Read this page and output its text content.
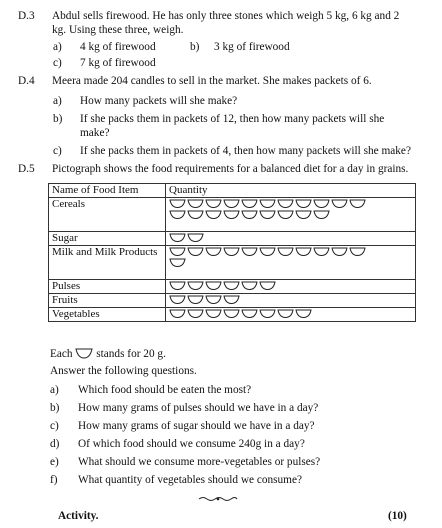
D.3 Abdul sells firewood. He has only three stones which weigh 5 kg, 6 kg and 2
kg. Using these three, weigh.
a) 4 kg of firewood	b) 3 kg of firewood
c) 7 kg of firewood
D.4 Meera made 204 candles to sell in the market. She makes packets of 6.
a) How many packets will she make?
b) If she packs them in packets of 12, then how many packets will she
make?
c) If she packs them in packets of 4, then how many packets will she make?
D.5 Pictograph shows the food requirements for a balanced diet for a day in grains.
Name of Food Item	Quantity
Cereals	

Sugar	

Milk and Milk Products	

Pulses	

Fruits	

Vegetables	
Each stands for 20 g.
Answer the following questions.
a) Which food should be eaten the most?
b) How many grams of pulses should we have in a day?
c) How many grams of sugar should we have in a day?
d) Of which food should we consume 240g in a day?
e) What should we consume more-vegetables or pulses?
f) What quantity of vegetables should we consume?
Activity.	(10)
